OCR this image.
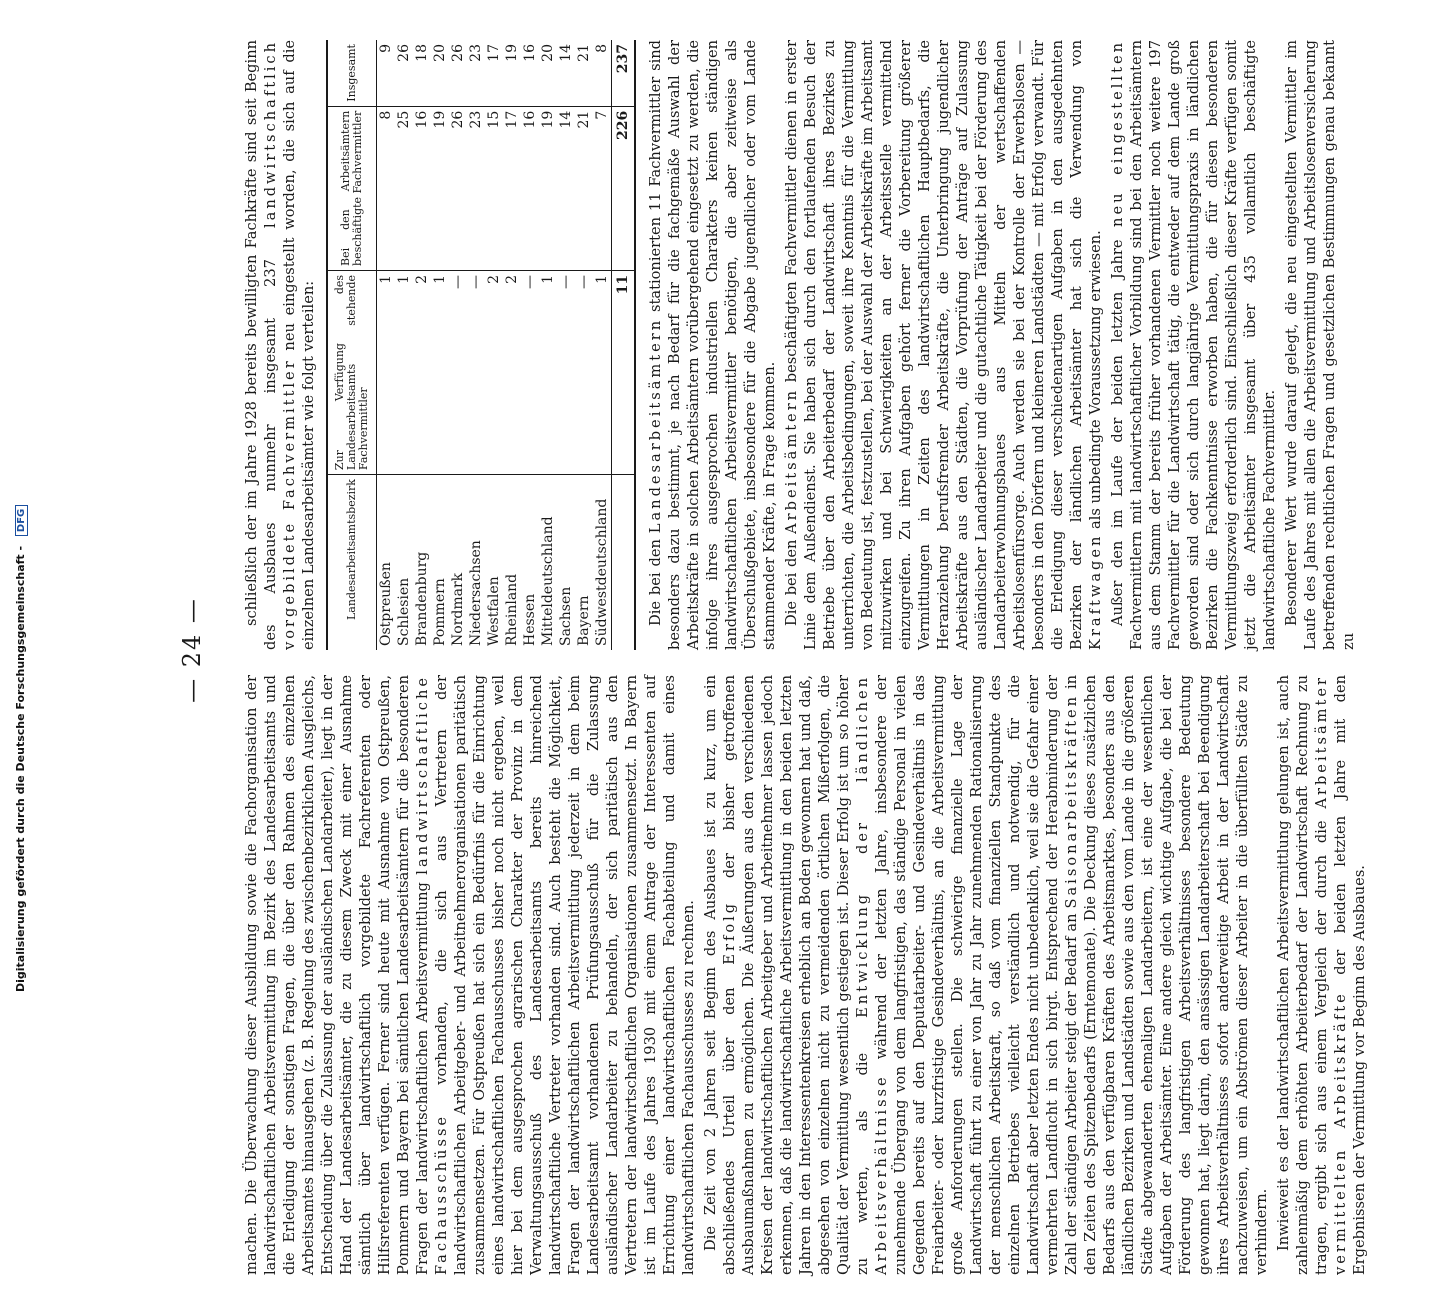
— 24 —

schließlich der im Jahre 1928 bereits bewilligten Fachkräfte sind seit Beginn des Ausbaues nunmehr insgesamt 237 landwirtschaftlich vorgebildete Fachvermittler neu eingestellt worden, die sich auf die einzelnen Landesarbeitsämter wie folgt verteilen:	Landesarbeitsamtsbezirk	Zur Verfügung des Landesarbeitsamts stehende Fachvermittler	Bei den Arbeitsämtern beschäftigte Fachvermittler	Insgesamt
Ostpreußen	1	8	9
Schlesien	1	25	26
Brandenburg	2	16	18
Pommern	1	19	20
Nordmark	—	26	26
Niedersachsen	—	23	23
Westfalen	2	15	17
Rheinland	2	17	19
Hessen	—	16	16
Mitteldeutschland	1	19	20
Sachsen	—	14	14
Bayern	—	21	21
Südwestdeutschland	1	7	8
	11	226	237

Die bei den Landesarbeitsämtern stationierten 11 Fachvermittler sind besonders dazu bestimmt, je nach Bedarf für die fachgemäße Auswahl der Arbeitskräfte in solchen Arbeitsämtern vorübergehend eingesetzt zu werden, die infolge ihres ausgesprochen industriellen Charakters keinen ständigen landwirtschaftlichen Arbeitsvermittler benötigen, die aber zeitweise als Überschußgebiete, insbesondere für die Abgabe jugendlicher oder vom Lande stammender Kräfte, in Frage kommen. Die bei den Arbeitsämtern beschäftigten Fachvermittler dienen in erster Linie dem Außendienst. Sie haben sich durch den fortlaufenden Besuch der Betriebe über den Arbeiterbedarf der Landwirtschaft ihres Bezirkes zu unterrichten, die Arbeitsbedingungen, soweit ihre Kenntnis für die Vermittlung von Bedeutung ist, festzustellen, bei der Auswahl der Arbeitskräfte im Arbeitsamt mitzuwirken und bei Schwierigkeiten an der Arbeitsstelle vermittelnd einzugreifen. Zu ihren Aufgaben gehört ferner die Vorbereitung größerer Vermittlungen in Zeiten des landwirtschaftlichen Hauptbedarfs, die Heranziehung berufsfremder Arbeitskräfte, die Unterbringung jugendlicher Arbeitskräfte aus den Städten, die Vorprüfung der Anträge auf Zulassung ausländischer Landarbeiter und die gutachtliche Tätigkeit bei der Förderung des Landarbeiterwohnungsbaues aus Mitteln der wertschaffenden Arbeitslosenfürsorge. Auch werden sie bei der Kontrolle der Erwerbslosen — besonders in den Dörfern und kleineren Landstädten — mit Erfolg verwandt. Für die Erledigung dieser verschiedenartigen Aufgaben in den ausgedehnten Bezirken der ländlichen Arbeitsämter hat sich die Verwendung von Kraftwagen als unbedingte Voraussetzung erwiesen. Außer den im Laufe der beiden letzten Jahre neu eingestellten Fachvermittlern mit landwirtschaftlicher Vorbildung sind bei den Arbeitsämtern aus dem Stamm der bereits früher vorhandenen Vermittler noch weitere 197 Fachvermittler für die Landwirtschaft tätig, die entweder auf dem Lande groß geworden sind oder sich durch langjährige Vermittlungspraxis in ländlichen Bezirken die Fachkenntnisse erworben haben, die für diesen besonderen Vermittlungszweig erforderlich sind. Einschließlich dieser Kräfte verfügen somit jetzt die Arbeitsämter insgesamt über 435 vollamtlich beschäftigte landwirtschaftliche Fachvermittler. Besonderer Wert wurde darauf gelegt, die neu eingestellten Vermittler im Laufe des Jahres mit allen die Arbeitsvermittlung und Arbeitslosenversicherung betreffenden rechtlichen Fragen und gesetzlichen Bestimmungen genau bekannt zu

machen. Die Überwachung dieser Ausbildung sowie die Fachorganisation der landwirtschaftlichen Arbeitsvermittlung im Bezirk des Landesarbeitsamts und die Erledigung der sonstigen Fragen, die über den Rahmen des einzelnen Arbeitsamtes hinausgehen (z. B. Regelung des zwischenbezirklichen Ausgleichs, Entscheidung über die Zulassung der ausländischen Landarbeiter), liegt in der Hand der Landesarbeitsämter, die zu diesem Zweck mit einer Ausnahme sämtlich über landwirtschaftlich vorgebildete Fachreferenten oder Hilfsreferenten verfügen. Ferner sind heute mit Ausnahme von Ostpreußen, Pommern und Bayern bei sämtlichen Landesarbeitsämtern für die besonderen Fragen der landwirtschaftlichen Arbeitsvermittlung landwirtschaftliche Fachausschüsse vorhanden, die sich aus Vertretern der landwirtschaftlichen Arbeitgeber- und Arbeitnehmerorganisationen paritätisch zusammensetzen. Für Ostpreußen hat sich ein Bedürfnis für die Einrichtung eines landwirtschaftlichen Fachausschusses bisher noch nicht ergeben, weil hier bei dem ausgesprochen agrarischen Charakter der Provinz in dem Verwaltungsausschuß des Landesarbeitsamts bereits hinreichend landwirtschaftliche Vertreter vorhanden sind. Auch besteht die Möglichkeit, Fragen der landwirtschaftlichen Arbeitsvermittlung jederzeit in dem beim Landesarbeitsamt vorhandenen Prüfungsausschuß für die Zulassung ausländischer Landarbeiter zu behandeln, der sich paritätisch aus den Vertretern der landwirtschaftlichen Organisationen zusammensetzt. In Bayern ist im Laufe des Jahres 1930 mit einem Antrage der Interessenten auf Errichtung einer landwirtschaftlichen Fachabteilung und damit eines landwirtschaftlichen Fachausschusses zu rechnen. Die Zeit von 2 Jahren seit Beginn des Ausbaues ist zu kurz, um ein abschließendes Urteil über den Erfolg der bisher getroffenen Ausbaumaßnahmen zu ermöglichen. Die Äußerungen aus den verschiedenen Kreisen der landwirtschaftlichen Arbeitgeber und Arbeitnehmer lassen jedoch erkennen, daß die landwirtschaftliche Arbeitsvermittlung in den beiden letzten Jahren in den Interessentenkreisen erheblich an Boden gewonnen hat und daß, abgesehen von einzelnen nicht zu vermeidenden örtlichen Mißerfolgen, die Qualität der Vermittlung wesentlich gestiegen ist. Dieser Erfolg ist um so höher zu werten, als die Entwicklung der ländlichen Arbeitsverhältnisse während der letzten Jahre, insbesondere der zunehmende Übergang von dem langfristigen, das ständige Personal in vielen Gegenden bereits auf den Deputatarbeiter- und Gesindeverhältnis in das Freiarbeiter- oder kurzfristige Gesindeverhältnis, an die Arbeitsvermittlung große Anforderungen stellen. Die schwierige finanzielle Lage der Landwirtschaft führt zu einer von Jahr zu Jahr zunehmenden Rationalisierung der menschlichen Arbeitskraft, so daß vom finanziellen Standpunkte des einzelnen Betriebes vielleicht verständlich und notwendig, für die Landwirtschaft aber letzten Endes nicht unbedenklich, weil sie die Gefahr einer vermehrten Landflucht in sich birgt. Entsprechend der Herabminderung der Zahl der ständigen Arbeiter steigt der Bedarf an Saisonarbeitskräften in den Zeiten des Spitzenbedarfs (Erntemonate). Die Deckung dieses zusätzlichen Bedarfs aus den verfügbaren Kräften des Arbeitsmarktes, besonders aus den ländlichen Bezirken und Landstädten sowie aus den vom Lande in die größeren Städte abgewanderten ehemaligen Landarbeitern, ist eine der wesentlichen Aufgaben der Arbeitsämter. Eine andere gleich wichtige Aufgabe, die bei der Förderung des langfristigen Arbeitsverhältnisses besondere Bedeutung gewonnen hat, liegt darin, den ansässigen Landarbeiterschaft bei Beendigung ihres Arbeitsverhältnisses sofort anderweitige Arbeit in der Landwirtschaft nachzuweisen, um ein Abströmen dieser Arbeiter in die überfüllten Städte zu verhindern. Inwieweit es der landwirtschaftlichen Arbeitsvermittlung gelungen ist, auch zahlenmäßig dem erhöhten Arbeiterbedarf der Landwirtschaft Rechnung zu tragen, ergibt sich aus einem Vergleich der durch die Arbeitsämter vermittelten Arbeitskräfte der beiden letzten Jahre mit den Ergebnissen der Vermittlung vor Beginn des Ausbaues.

Digitalisierung gefördert durch die Deutsche Forschungsgemeinschaft - DFG
